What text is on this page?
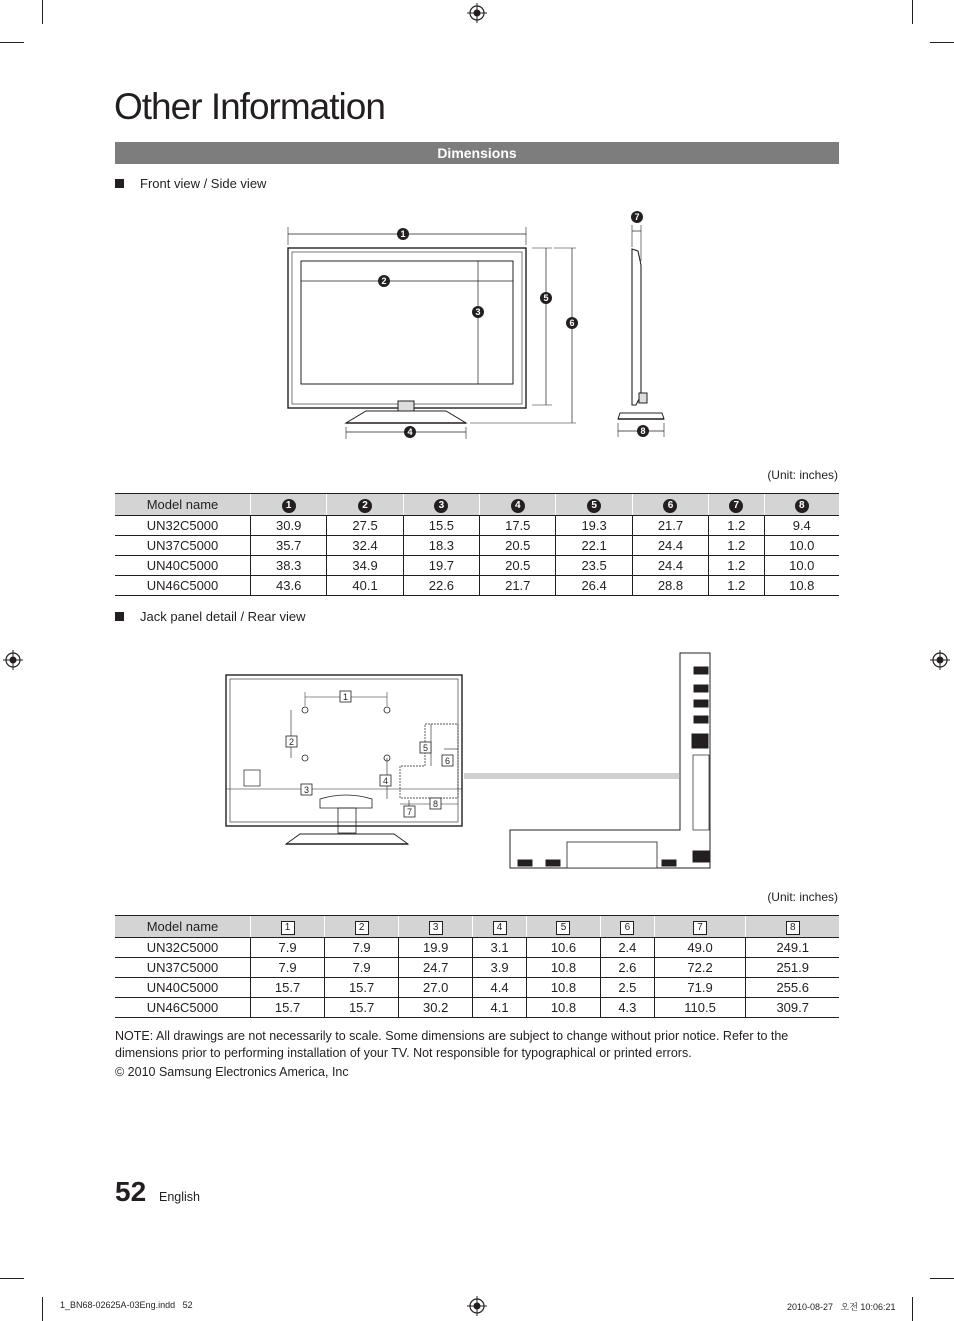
Other Information
Dimensions
Front view / Side view
1
2
3
4
5
6
7
8
(Unit: inches)
Model name	1	2	3	4	5	6	7	8
UN32C5000	30.9	27.5	15.5	17.5	19.3	21.7	1.2	9.4
UN37C5000	35.7	32.4	18.3	20.5	22.1	24.4	1.2	10.0
UN40C5000	38.3	34.9	19.7	20.5	23.5	24.4	1.2	10.0
UN46C5000	43.6	40.1	22.6	21.7	26.4	28.8	1.2	10.8
Jack panel detail / Rear view
1
2
3
4
5
6
7
8
(Unit: inches)
Model name	1	2	3	4	5	6	7	8
UN32C5000	7.9	7.9	19.9	3.1	10.6	2.4	49.0	249.1
UN37C5000	7.9	7.9	24.7	3.9	10.8	2.6	72.2	251.9
UN40C5000	15.7	15.7	27.0	4.4	10.8	2.5	71.9	255.6
UN46C5000	15.7	15.7	30.2	4.1	10.8	4.3	110.5	309.7
NOTE: All drawings are not necessarily to scale. Some dimensions are subject to change without prior notice. Refer to the dimensions prior to performing installation of your TV. Not responsible for typographical or printed errors.
© 2010 Samsung Electronics America, Inc
52 English
1_BN68-02625A-03Eng.indd   52	2010-08-27   오전 10:06:21
